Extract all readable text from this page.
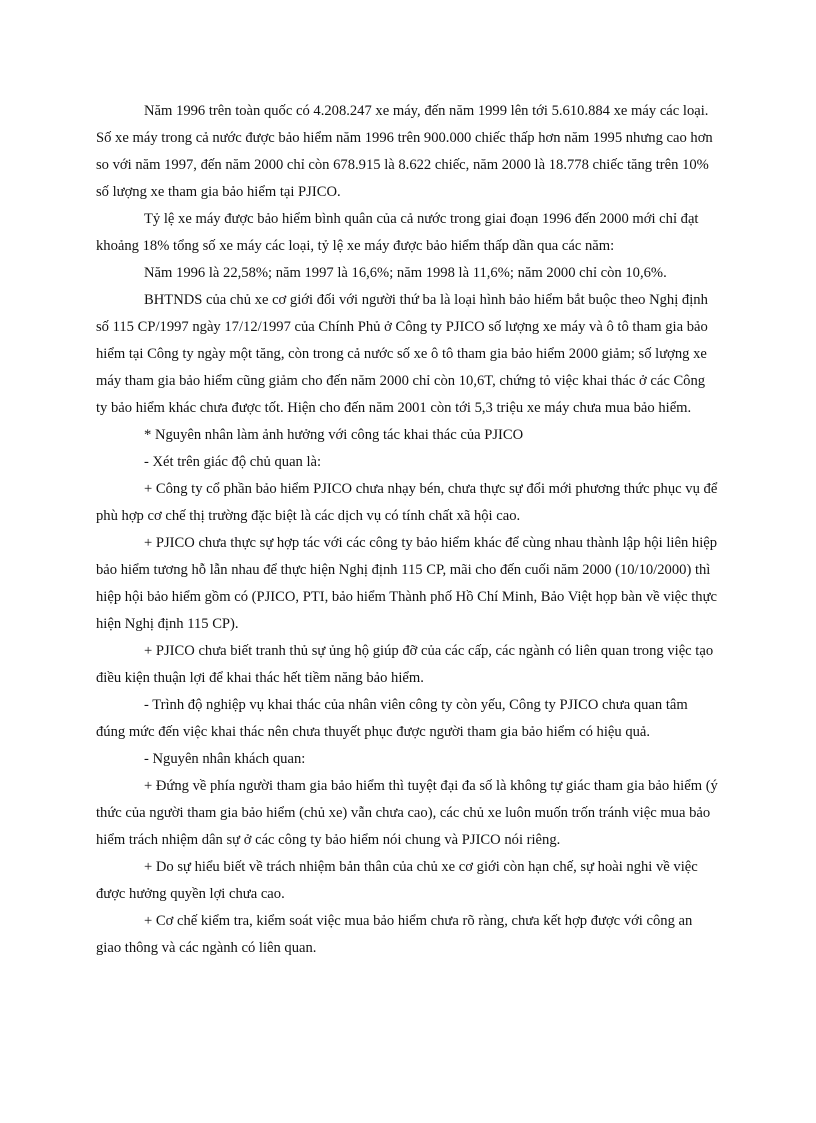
Năm 1996 trên toàn quốc có 4.208.247 xe máy, đến năm 1999 lên tới 5.610.884 xe máy các loại. Số xe máy trong cả nước được bảo hiểm năm 1996 trên 900.000 chiếc thấp hơn năm 1995 nhưng cao hơn so với năm 1997, đến năm 2000 chỉ còn 678.915 là 8.622 chiếc, năm 2000 là 18.778 chiếc tăng trên 10% số lượng xe tham gia bảo hiểm tại PJICO.

Tỷ lệ xe máy được bảo hiểm bình quân của cả nước trong giai đoạn 1996 đến 2000 mới chỉ đạt khoảng 18% tổng số xe máy các loại, tỷ lệ xe máy được bảo hiểm thấp dần qua các năm:

Năm 1996 là 22,58%; năm 1997 là 16,6%; năm 1998 là 11,6%; năm 2000 chỉ còn 10,6%.

BHTNDS của chủ xe cơ giới đối với người thứ ba là loại hình bảo hiểm bắt buộc theo Nghị định số 115 CP/1997 ngày 17/12/1997 của Chính Phủ ở Công ty PJICO số lượng xe máy và ô tô tham gia bảo hiểm tại Công ty ngày một tăng, còn trong cả nước số xe ô tô tham gia bảo hiểm 2000 giảm; số lượng xe máy tham gia bảo hiểm cũng giảm cho đến năm 2000 chỉ còn 10,6T, chứng tỏ việc khai thác ở các Công ty bảo hiểm khác chưa được tốt. Hiện cho đến năm 2001 còn tới 5,3 triệu xe máy chưa mua bảo hiểm.

* Nguyên nhân làm ảnh hưởng với công tác khai thác của PJICO

- Xét trên giác độ chủ quan là:

+ Công ty cổ phần bảo hiểm PJICO chưa nhạy bén, chưa thực sự đổi mới phương thức phục vụ để phù hợp cơ chế thị trường đặc biệt là các dịch vụ có tính chất xã hội cao.

+ PJICO chưa thực sự hợp tác với các công ty bảo hiểm khác để cùng nhau thành lập hội liên hiệp bảo hiểm tương hỗ lẫn nhau để thực hiện Nghị định 115 CP, mãi cho đến cuối năm 2000 (10/10/2000) thì hiệp hội bảo hiểm gồm có (PJICO, PTI, bảo hiểm Thành phố Hồ Chí Minh, Bảo Việt họp bàn về việc thực hiện Nghị định 115 CP).

+ PJICO chưa biết tranh thủ sự ủng hộ giúp đỡ của các cấp, các ngành có liên quan trong việc tạo điều kiện thuận lợi để khai thác hết tiềm năng bảo hiểm.

- Trình độ nghiệp vụ khai thác của nhân viên công ty còn yếu, Công ty PJICO chưa quan tâm đúng mức đến việc khai thác nên chưa thuyết phục được người tham gia bảo hiểm có hiệu quả.

- Nguyên nhân khách quan:

+ Đứng về phía người tham gia bảo hiểm thì tuyệt đại đa số là không tự giác tham gia bảo hiểm (ý thức của người tham gia bảo hiểm (chủ xe) vẫn chưa cao), các chủ xe luôn muốn trốn tránh việc mua bảo hiểm trách nhiệm dân sự ở các công ty bảo hiểm nói chung và PJICO nói riêng.

+ Do sự hiểu biết về trách nhiệm bản thân của chủ xe cơ giới còn hạn chế, sự hoài nghi về việc được hưởng quyền lợi chưa cao.

+ Cơ chế kiểm tra, kiểm soát việc mua bảo hiểm chưa rõ ràng, chưa kết hợp được với công an giao thông và các ngành có liên quan.
